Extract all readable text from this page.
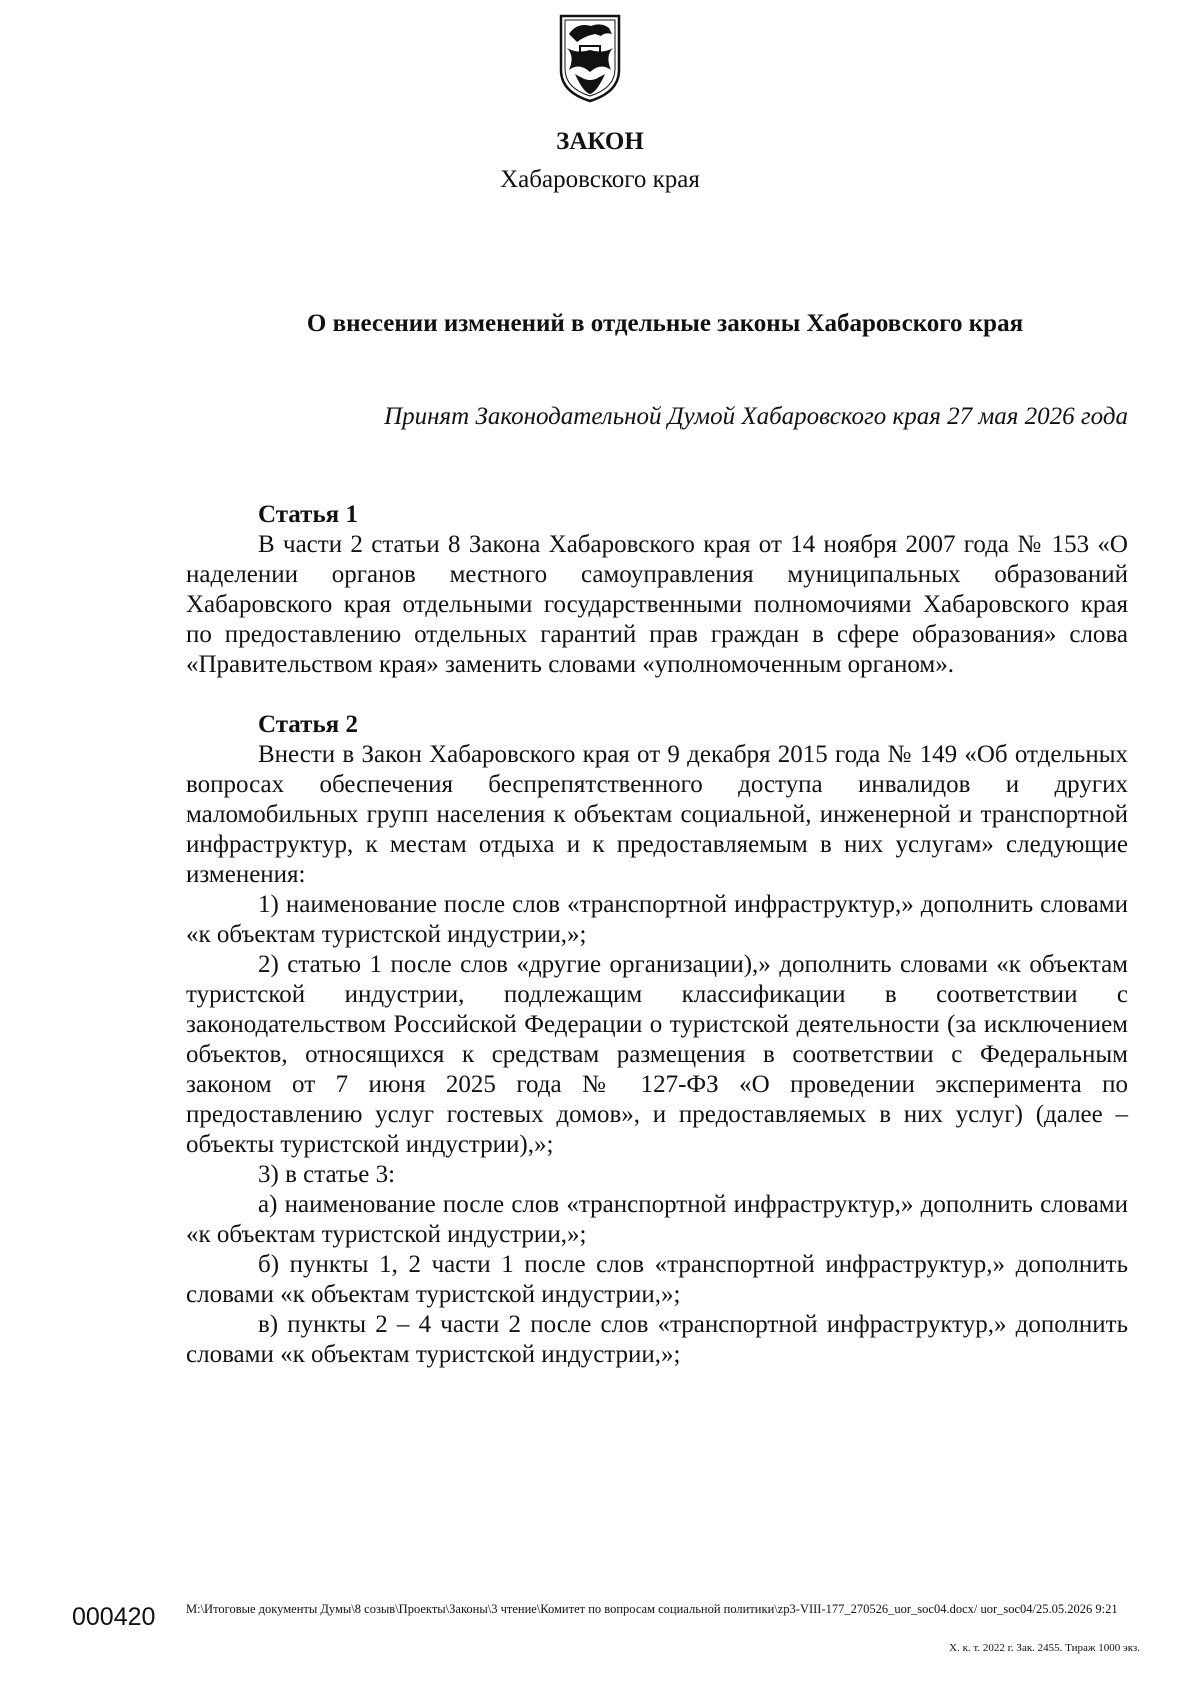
ЗАКОН
Хабаровского края
О внесении изменений в отдельные законы Хабаровского края
Принят Законодательной Думой Хабаровского края 27 мая 2026 года
Статья 1

В части 2 статьи 8 Закона Хабаровского края от 14 ноября 2007 года № 153 «О наделении органов местного самоуправления муниципальных образований Хабаровского края отдельными государственными полномочиями Хабаровского края по предоставлению отдельных гарантий прав граждан в сфере образования» слова «Правительством края» заменить словами «уполномоченным органом».

Статья 2

Внести в Закон Хабаровского края от 9 декабря 2015 года № 149 «Об отдельных вопросах обеспечения беспрепятственного доступа инвалидов и других маломобильных групп населения к объектам социальной, инженерной и транспортной инфраструктур, к местам отдыха и к предоставляемым в них услугам» следующие изменения:

1) наименование после слов «транспортной инфраструктур,» дополнить словами «к объектам туристской индустрии,»;

2) статью 1 после слов «другие организации),» дополнить словами «к объектам туристской индустрии, подлежащим классификации в соответствии с законодательством Российской Федерации о туристской деятельности (за исключением объектов, относящихся к средствам размещения в соответствии с Федеральным законом от 7 июня 2025 года № 127-ФЗ «О проведении эксперимента по предоставлению услуг гостевых домов», и предоставляемых в них услуг) (далее – объекты туристской индустрии),»;

3) в статье 3:

а) наименование после слов «транспортной инфраструктур,» дополнить словами «к объектам туристской индустрии,»;

б) пункты 1, 2 части 1 после слов «транспортной инфраструктур,» дополнить словами «к объектам туристской индустрии,»;

в) пункты 2 – 4 части 2 после слов «транспортной инфраструктур,» дополнить словами «к объектам туристской индустрии,»;

000420 M:\Итоговые документы Думы\8 созыв\Проекты\Законы\3 чтение\Комитет по вопросам социальной политики\zp3-VIII-177_270526_uor_soc04.docx/ uor_soc04/25.05.2026 9:21
Х. к. т. 2022 г. Зак. 2455. Тираж 1000 экз.
